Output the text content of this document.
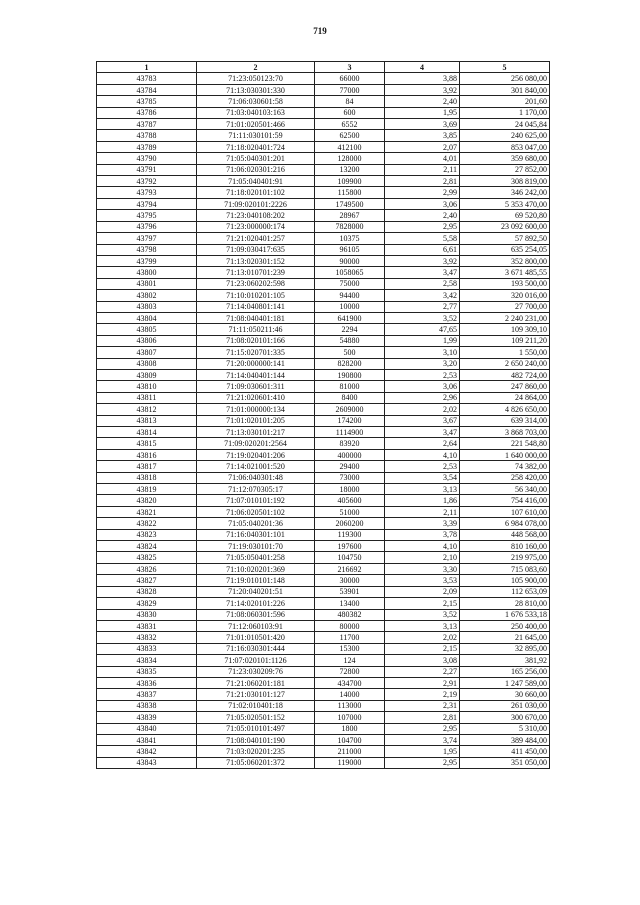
719
1	2	3	4	5
43783	71:23:050123:70	66000	3,88	256 080,00
43784	71:13:030301:330	77000	3,92	301 840,00
43785	71:06:030601:58	84	2,40	201,60
43786	71:03:040103:163	600	1,95	1 170,00
43787	71:01:020501:466	6552	3,69	24 045,84
43788	71:11:030101:59	62500	3,85	240 625,00
43789	71:18:020401:724	412100	2,07	853 047,00
43790	71:05:040301:201	128000	4,01	359 680,00
43791	71:06:020301:216	13200	2,11	27 852,00
43792	71:05:040401:91	109900	2,81	308 819,00
43793	71:18:020101:102	115800	2,99	346 242,00
43794	71:09:020101:2226	1749500	3,06	5 353 470,00
43795	71:23:040108:202	28967	2,40	69 520,80
43796	71:23:000000:174	7828000	2,95	23 092 600,00
43797	71:21:020401:257	10375	5,58	57 892,50
43798	71:09:030417:635	96105	6,61	635 254,05
43799	71:13:020301:152	90000	3,92	352 800,00
43800	71:13:010701:239	1058065	3,47	3 671 485,55
43801	71:23:060202:598	75000	2,58	193 500,00
43802	71:10:010201:105	94400	3,42	320 016,00
43803	71:14:040801:141	10000	2,77	27 700,00
43804	71:08:040401:181	641900	3,52	2 240 231,00
43805	71:11:050211:46	2294	47,65	109 309,10
43806	71:08:020101:166	54880	1,99	109 211,20
43807	71:15:020701:335	500	3,10	1 550,00
43808	71:20:000000:141	828200	3,20	2 650 240,00
43809	71:14:040401:144	190800	2,53	482 724,00
43810	71:09:030601:311	81000	3,06	247 860,00
43811	71:21:020601:410	8400	2,96	24 864,00
43812	71:01:000000:134	2609000	2,02	4 826 650,00
43813	71:01:020101:205	174200	3,67	639 314,00
43814	71:13:030101:217	1114900	3,47	3 868 703,00
43815	71:09:020201:2564	83920	2,64	221 548,80
43816	71:19:020401:206	400000	4,10	1 640 000,00
43817	71:14:021001:520	29400	2,53	74 382,00
43818	71:06:040301:48	73000	3,54	258 420,00
43819	71:12:070305:17	18000	3,13	56 340,00
43820	71:07:010101:192	405600	1,86	754 416,00
43821	71:06:020501:102	51000	2,11	107 610,00
43822	71:05:040201:36	2060200	3,39	6 984 078,00
43823	71:16:040301:101	119300	3,78	448 568,00
43824	71:19:030101:70	197600	4,10	810 160,00
43825	71:05:050401:258	104750	2,10	219 975,00
43826	71:10:020201:369	216692	3,30	715 083,60
43827	71:19:010101:148	30000	3,53	105 900,00
43828	71:20:040201:51	53901	2,09	112 653,09
43829	71:14:020101:226	13400	2,15	28 810,00
43830	71:08:060301:596	480382	3,52	1 676 533,18
43831	71:12:060103:91	80000	3,13	250 400,00
43832	71:01:010501:420	11700	2,02	21 645,00
43833	71:16:030301:444	15300	2,15	32 895,00
43834	71:07:020101:1126	124	3,08	381,92
43835	71:23:030209:76	72800	2,27	165 256,00
43836	71:21:060201:181	434700	2,91	1 247 589,00
43837	71:21:030101:127	14000	2,19	30 660,00
43838	71:02:010401:18	113000	2,31	261 030,00
43839	71:05:020501:152	107000	2,81	300 670,00
43840	71:05:010101:497	1800	2,95	5 310,00
43841	71:08:040101:190	104700	3,74	389 484,00
43842	71:03:020201:235	211000	1,95	411 450,00
43843	71:05:060201:372	119000	2,95	351 050,00
